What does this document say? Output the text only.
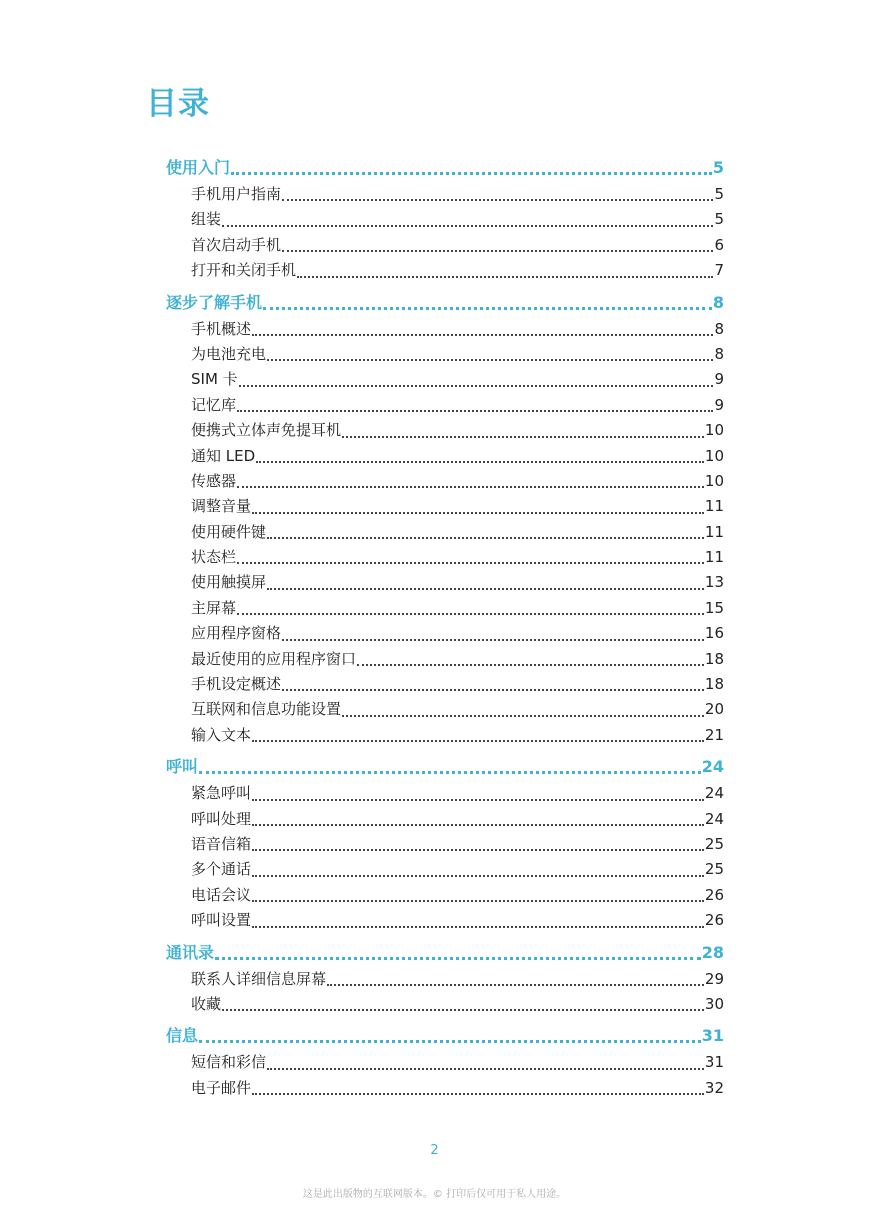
目录
使用入门	5
手机用户指南	5
组装	5
首次启动手机	6
打开和关闭手机	7
逐步了解手机	8
手机概述	8
为电池充电	8
SIM 卡	9
记忆库	9
便携式立体声免提耳机	10
通知 LED	10
传感器	10
调整音量	11
使用硬件键	11
状态栏	11
使用触摸屏	13
主屏幕	15
应用程序窗格	16
最近使用的应用程序窗口	18
手机设定概述	18
互联网和信息功能设置	20
输入文本	21
呼叫	24
紧急呼叫	24
呼叫处理	24
语音信箱	25
多个通话	25
电话会议	26
呼叫设置	26
通讯录	28
联系人详细信息屏幕	29
收藏	30
信息	31
短信和彩信	31
电子邮件	32
2
这是此出版物的互联网版本。© 打印后仅可用于私人用途。
